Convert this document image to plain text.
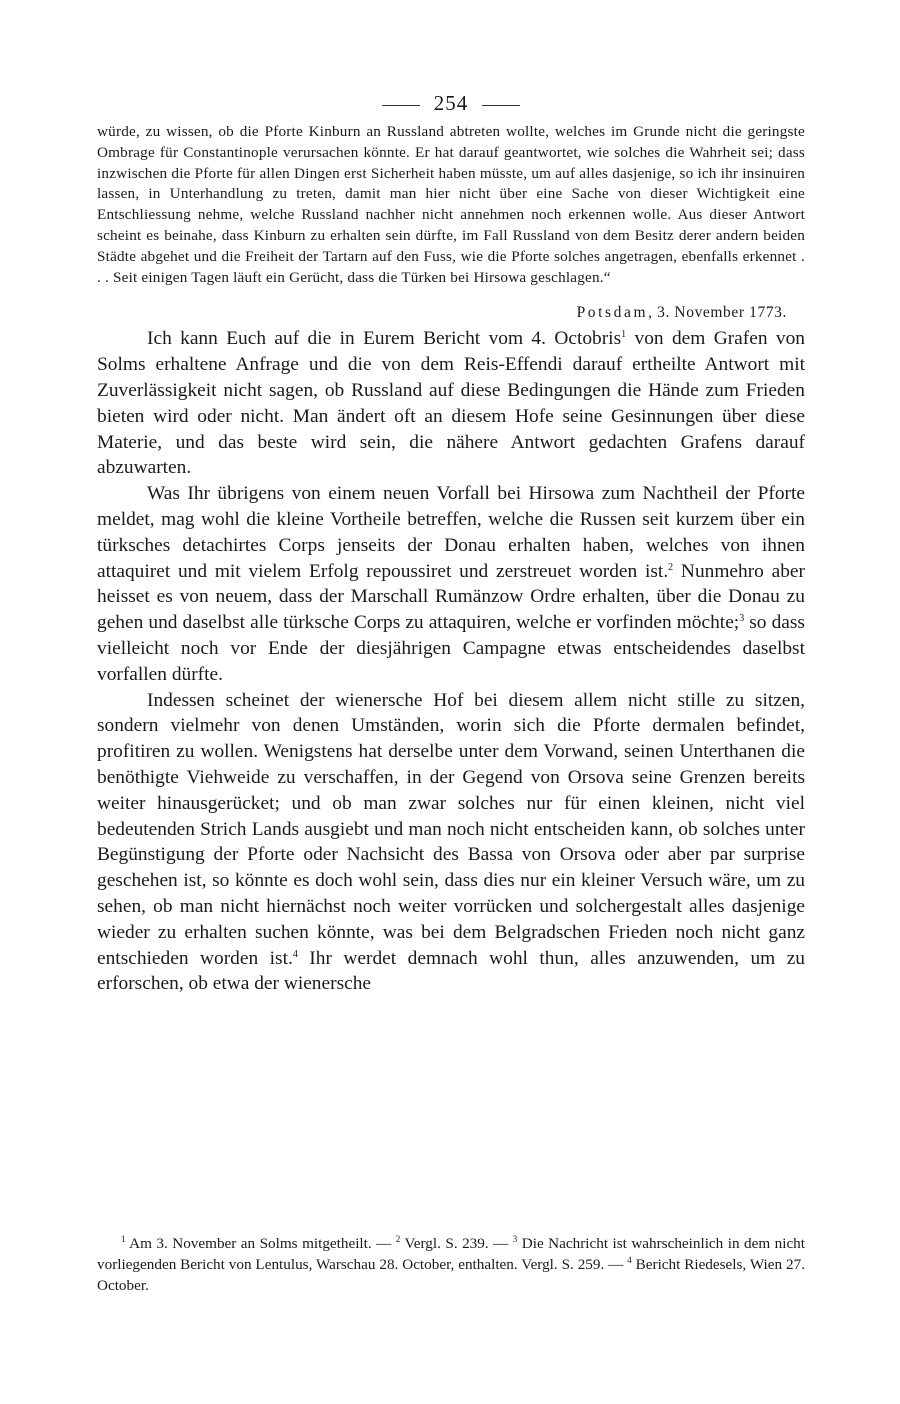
254

würde, zu wissen, ob die Pforte Kinburn an Russland abtreten wollte, welches im Grunde nicht die geringste Ombrage für Constantinople verursachen könnte. Er hat darauf geantwortet, wie solches die Wahrheit sei; dass inzwischen die Pforte für allen Dingen erst Sicherheit haben müsste, um auf alles dasjenige, so ich ihr insinuiren lassen, in Unterhandlung zu treten, damit man hier nicht über eine Sache von dieser Wichtigkeit eine Entschliessung nehme, welche Russland nachher nicht annehmen noch erkennen wolle. Aus dieser Antwort scheint es beinahe, dass Kinburn zu erhalten sein dürfte, im Fall Russland von dem Besitz derer andern beiden Städte abgehet und die Freiheit der Tartarn auf den Fuss, wie die Pforte solches angetragen, ebenfalls erkennet . . . Seit einigen Tagen läuft ein Gerücht, dass die Türken bei Hirsowa geschlagen.“

Potsdam, 3. November 1773.

Ich kann Euch auf die in Eurem Bericht vom 4. Octobris$^1$ von dem Grafen von Solms erhaltene Anfrage und die von dem Reis-Effendi darauf ertheilte Antwort mit Zuverlässigkeit nicht sagen, ob Russland auf diese Bedingungen die Hände zum Frieden bieten wird oder nicht. Man ändert oft an diesem Hofe seine Gesinnungen über diese Materie, und das beste wird sein, die nähere Antwort gedachten Grafens darauf abzuwarten.

Was Ihr übrigens von einem neuen Vorfall bei Hirsowa zum Nachtheil der Pforte meldet, mag wohl die kleine Vortheile betreffen, welche die Russen seit kurzem über ein türksches detachirtes Corps jenseits der Donau erhalten haben, welches von ihnen attaquiret und mit vielem Erfolg repoussiret und zerstreuet worden ist.$^2$ Nunmehro aber heisset es von neuem, dass der Marschall Rumänzow Ordre erhalten, über die Donau zu gehen und daselbst alle türksche Corps zu attaquiren, welche er vorfinden möchte;$^3$ so dass vielleicht noch vor Ende der diesjährigen Campagne etwas entscheidendes daselbst vorfallen dürfte.

Indessen scheinet der wienersche Hof bei diesem allem nicht stille zu sitzen, sondern vielmehr von denen Umständen, worin sich die Pforte dermalen befindet, profitiren zu wollen. Wenigstens hat derselbe unter dem Vorwand, seinen Unterthanen die benöthigte Viehweide zu verschaffen, in der Gegend von Orsova seine Grenzen bereits weiter hinausgerücket; und ob man zwar solches nur für einen kleinen, nicht viel bedeutenden Strich Lands ausgiebt und man noch nicht entscheiden kann, ob solches unter Begünstigung der Pforte oder Nachsicht des Bassa von Orsova oder aber par surprise geschehen ist, so könnte es doch wohl sein, dass dies nur ein kleiner Versuch wäre, um zu sehen, ob man nicht hiernächst noch weiter vorrücken und solchergestalt alles dasjenige wieder zu erhalten suchen könnte, was bei dem Belgradschen Frieden noch nicht ganz entschieden worden ist.$^4$ Ihr werdet demnach wohl thun, alles anzuwenden, um zu erforschen, ob etwa der wienersche

$^1$ Am 3. November an Solms mitgetheilt. — $^2$ Vergl. S. 239. — $^3$ Die Nachricht ist wahrscheinlich in dem nicht vorliegenden Bericht von Lentulus, Warschau 28. October, enthalten. Vergl. S. 259. — $^4$ Bericht Riedesels, Wien 27. October.
